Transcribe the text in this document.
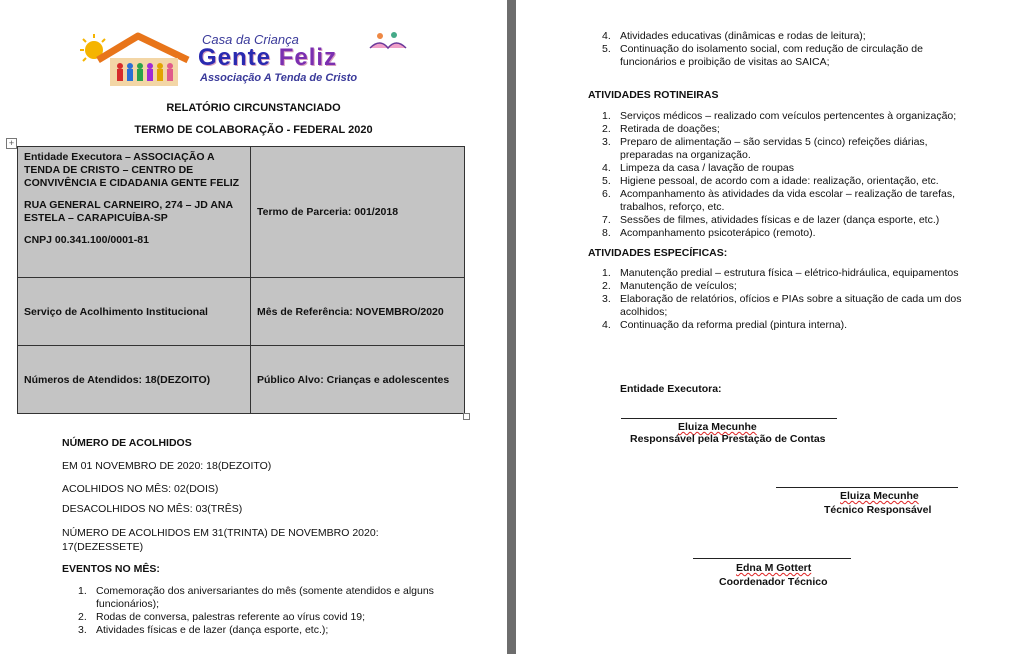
Casa da Criança
Gente Feliz
Associação A Tenda de Cristo
RELATÓRIO CIRCUNSTANCIADO
TERMO DE COLABORAÇÃO - FEDERAL 2020
+

Entidade Executora – ASSOCIAÇÃO A TENDA DE CRISTO – CENTRO DE CONVIVÊNCIA E CIDADANIA GENTE FELIZ

RUA GENERAL CARNEIRO, 274 – JD ANA ESTELA – CARAPICUÍBA-SP

CNPJ 00.341.100/0001-81	Termo de Parceria: 001/2018
Serviço de Acolhimento Institucional	Mês de Referência: NOVEMBRO/2020
Números de Atendidos: 18(DEZOITO)	Público Alvo: Crianças e adolescentes
NÚMERO DE ACOLHIDOS
EM 01 NOVEMBRO DE 2020: 18(DEZOITO)
ACOLHIDOS NO MÊS: 02(DOIS)
DESACOLHIDOS NO MÊS: 03(TRÊS)
NÚMERO DE ACOLHIDOS EM 31(TRINTA) DE NOVEMBRO 2020: 17(DEZESSETE)
EVENTOS NO MÊS:
1. Comemoração dos aniversariantes do mês (somente atendidos e alguns funcionários);
2. Rodas de conversa, palestras referente ao vírus covid 19;
3. Atividades físicas e de lazer (dança esporte, etc.);
4. Atividades educativas (dinâmicas e rodas de leitura);
5. Continuação do isolamento social, com redução de circulação de funcionários e proibição de visitas ao SAICA;
ATIVIDADES ROTINEIRAS
1. Serviços médicos – realizado com veículos pertencentes à organização;
2. Retirada de doações;
3. Preparo de alimentação – são servidas 5 (cinco) refeições diárias, preparadas na organização.
4. Limpeza da casa / lavação de roupas
5. Higiene pessoal, de acordo com a idade: realização, orientação, etc.
6. Acompanhamento às atividades da vida escolar – realização de tarefas, trabalhos, reforço, etc.
7. Sessões de filmes, atividades físicas e de lazer (dança esporte, etc.)
8. Acompanhamento psicoterápico (remoto).
ATIVIDADES ESPECÍFICAS:
1. Manutenção predial – estrutura física – elétrico-hidráulica, equipamentos
2. Manutenção de veículos;
3. Elaboração de relatórios, ofícios e PIAs sobre a situação de cada um dos acolhidos;
4. Continuação da reforma predial (pintura interna).
Entidade Executora:
Eluiza Mecunhe
Responsável pela Prestação de Contas
Eluiza Mecunhe
Técnico Responsável
Edna M Gottert
Coordenador Técnico
